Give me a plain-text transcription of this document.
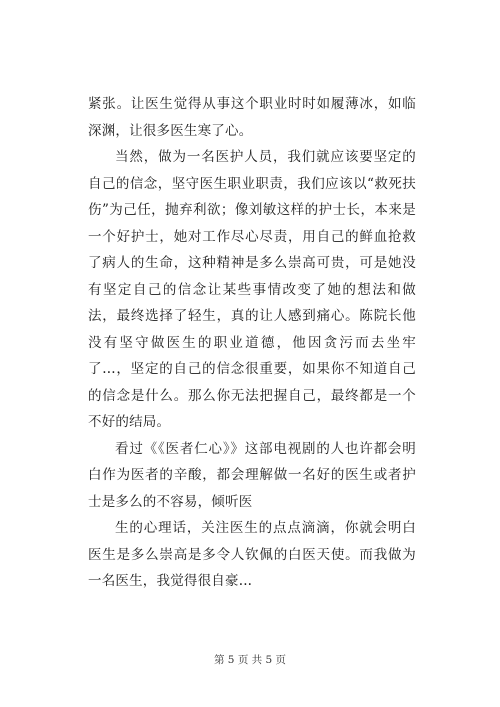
紧张。让医生觉得从事这个职业时时如履薄冰，如临深渊，让很多医生寒了心。

当然，做为一名医护人员，我们就应该要坚定的自己的信念，坚守医生职业职责，我们应该以“救死扶伤”为己任，抛弃利欲；像刘敏这样的护士长，本来是一个好护士，她对工作尽心尽责，用自己的鲜血抢救了病人的生命，这种精神是多么崇高可贵，可是她没有坚定自己的信念让某些事情改变了她的想法和做法，最终选择了轻生，真的让人感到痛心。陈院长他没有坚守做医生的职业道德，他因贪污而去坐牢了...，坚定的自己的信念很重要，如果你不知道自己的信念是什么。那么你无法把握自己，最终都是一个不好的结局。

看过《《医者仁心》》这部电视剧的人也许都会明白作为医者的辛酸，都会理解做一名好的医生或者护士是多么的不容易，倾听医

生的心理话，关注医生的点点滴滴，你就会明白医生是多么崇高是多令人钦佩的白医天使。而我做为一名医生，我觉得很自豪...

第 5 页 共 5 页
